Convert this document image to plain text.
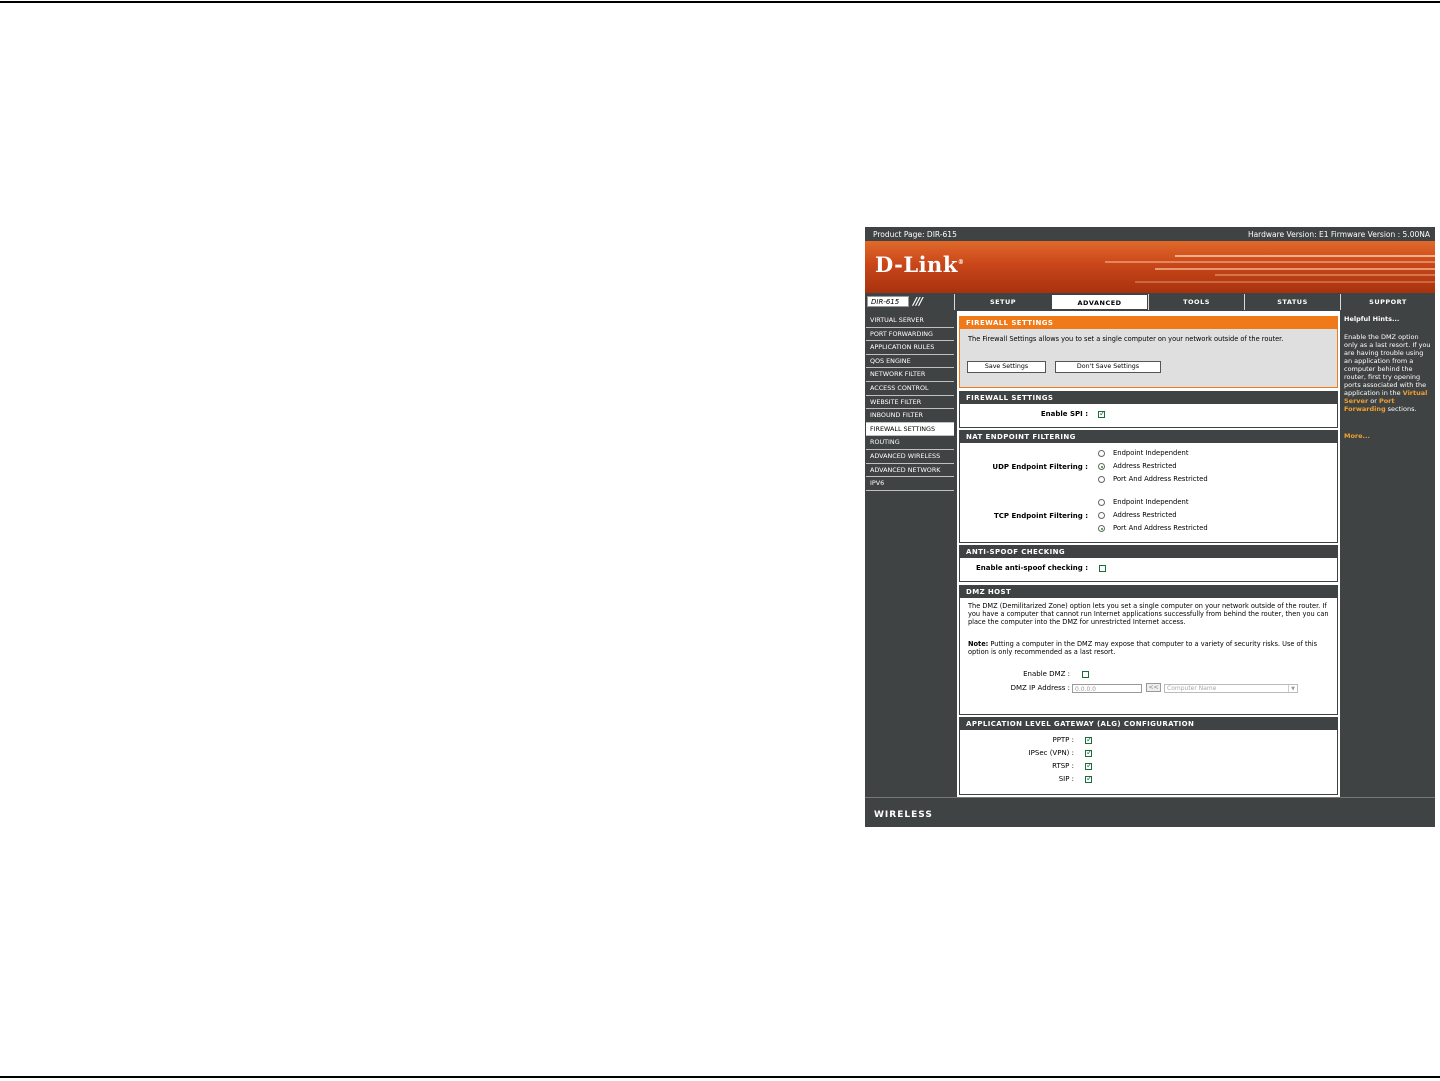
Product Page: DIR-615	Hardware Version: E1 Firmware Version : 5.00NA
D-Link®
DIR-615	///	SETUP	ADVANCED	TOOLS	STATUS	SUPPORT
VIRTUAL SERVER
PORT FORWARDING
APPLICATION RULES
QOS ENGINE
NETWORK FILTER
ACCESS CONTROL
WEBSITE FILTER
INBOUND FILTER
FIREWALL SETTINGS
ROUTING
ADVANCED WIRELESS
ADVANCED NETWORK
IPV6
FIREWALL SETTINGS
The Firewall Settings allows you to set a single computer on your network outside of the router.
Save Settings	Don't Save Settings
FIREWALL SETTINGS
Enable SPI :
✓
NAT ENDPOINT FILTERING
UDP Endpoint Filtering :
Endpoint Independent
Address Restricted
Port And Address Restricted
TCP Endpoint Filtering :
Endpoint Independent
Address Restricted
Port And Address Restricted
ANTI-SPOOF CHECKING
Enable anti-spoof checking :
DMZ HOST
The DMZ (Demilitarized Zone) option lets you set a single computer on your network outside of the router. If you have a computer that cannot run Internet applications successfully from behind the router, then you can place the computer into the DMZ for unrestricted Internet access.
Note: Putting a computer in the DMZ may expose that computer to a variety of security risks. Use of this option is only recommended as a last resort.
Enable DMZ :
DMZ IP Address : 0.0.0.0	<<	Computer Name	▼
APPLICATION LEVEL GATEWAY (ALG) CONFIGURATION
PPTP :
✓
IPSec (VPN) :
✓
RTSP :
✓
SIP :
✓
Helpful Hints...
Enable the DMZ option only as a last resort. If you are having trouble using an application from a computer behind the router, first try opening ports associated with the application in the Virtual Server or Port Forwarding sections.
More...
WIRELESS
